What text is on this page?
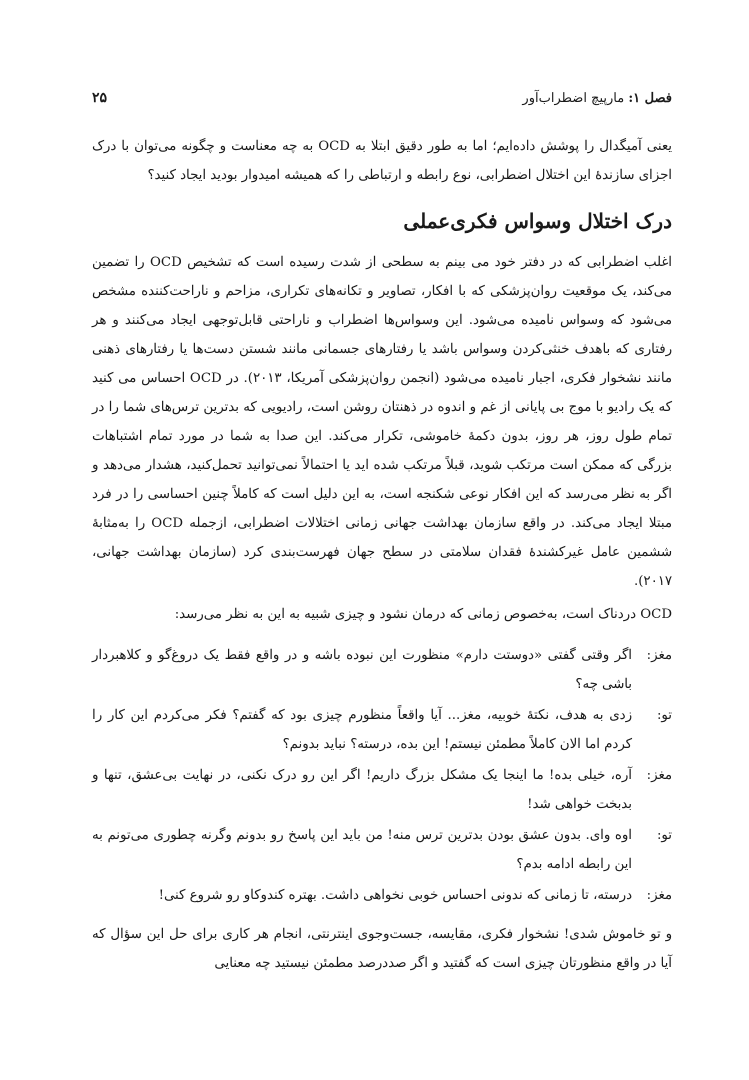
فصل ۱: مارپیچ اضطراب‌آور
۲۵

یعنی آمیگدال را پوشش داده‌ایم؛ اما به طور دقیق ابتلا به OCD به چه معناست و چگونه می‌توان با درک اجزای سازندهٔ این اختلال اضطرابی، نوع رابطه و ارتباطی را که همیشه امیدوار بودید ایجاد کنید؟

درک اختلال وسواس فکری‌عملی

اغلب اضطرابی که در دفتر خود می بینم به سطحی از شدت رسیده است که تشخیص OCD را تضمین می‌کند، یک موقعیت روان‌پزشکی که با افکار، تصاویر و تکانه‌های تکراری، مزاحم و ناراحت‌کننده مشخص می‌شود که وسواس نامیده می‌شود. این وسواس‌ها اضطراب و ناراحتی قابل‌توجهی ایجاد می‌کنند و هر رفتاری که باهدف خنثی‌کردن وسواس باشد یا رفتارهای جسمانی مانند شستن دست‌ها یا رفتارهای ذهنی مانند نشخوار فکری، اجبار نامیده می‌شود (انجمن روان‌پزشکی آمریکا، ۲۰۱۳). در OCD احساس می کنید که یک رادیو با موج بی پایانی از غم و اندوه در ذهنتان روشن است، رادیویی که بدترین ترس‌های شما را در تمام طول روز، هر روز، بدون دکمهٔ خاموشی، تکرار می‌کند. این صدا به شما در مورد تمام اشتباهات بزرگی که ممکن است مرتکب شوید، قبلاً مرتکب شده اید یا احتمالاً نمی‌توانید تحمل‌کنید، هشدار می‌دهد و اگر به نظر می‌رسد که این افکار نوعی شکنجه است، به این دلیل است که کاملاً چنین احساسی را در فرد مبتلا ایجاد می‌کند. در واقع سازمان بهداشت جهانی زمانی اختلالات اضطرابی، ازجمله OCD را به‌مثابهٔ ششمین عامل غیرکشندهٔ فقدان سلامتی در سطح جهان فهرست‌بندی کرد (سازمان بهداشت جهانی، ۲۰۱۷).

OCD دردناک است، به‌خصوص زمانی که درمان نشود و چیزی شبیه به این به نظر می‌رسد:

مغز:
اگر وقتی گفتی «دوستت دارم» منظورت این نبوده باشه و در واقع فقط یک دروغ‌گو و کلاهبردار باشی چه؟
تو:
زدی به هدف، نکتهٔ خوبیه، مغز... آیا واقعاً منظورم چیزی بود که گفتم؟ فکر می‌کردم این کار را کردم اما الان کاملاً مطمئن نیستم! این بده، درسته؟ نباید بدونم؟
مغز:
آره، خیلی بده! ما اینجا یک مشکل بزرگ داریم! اگر این رو درک نکنی، در نهایت بی‌عشق، تنها و بدبخت خواهی شد!
تو:
اوه وای. بدون عشق بودن بدترین ترس منه! من باید این پاسخ رو بدونم وگرنه چطوری می‌تونم به این رابطه ادامه بدم؟
مغز:
درسته، تا زمانی که ندونی احساس خوبی نخواهی داشت. بهتره کندوکاو رو شروع کنی!

و تو خاموش شدی! نشخوار فکری، مقایسه، جست‌وجوی اینترنتی، انجام هر کاری برای حل این سؤال که آیا در واقع منظورتان چیزی است که گفتید و اگر صددرصد مطمئن نیستید چه معنایی
